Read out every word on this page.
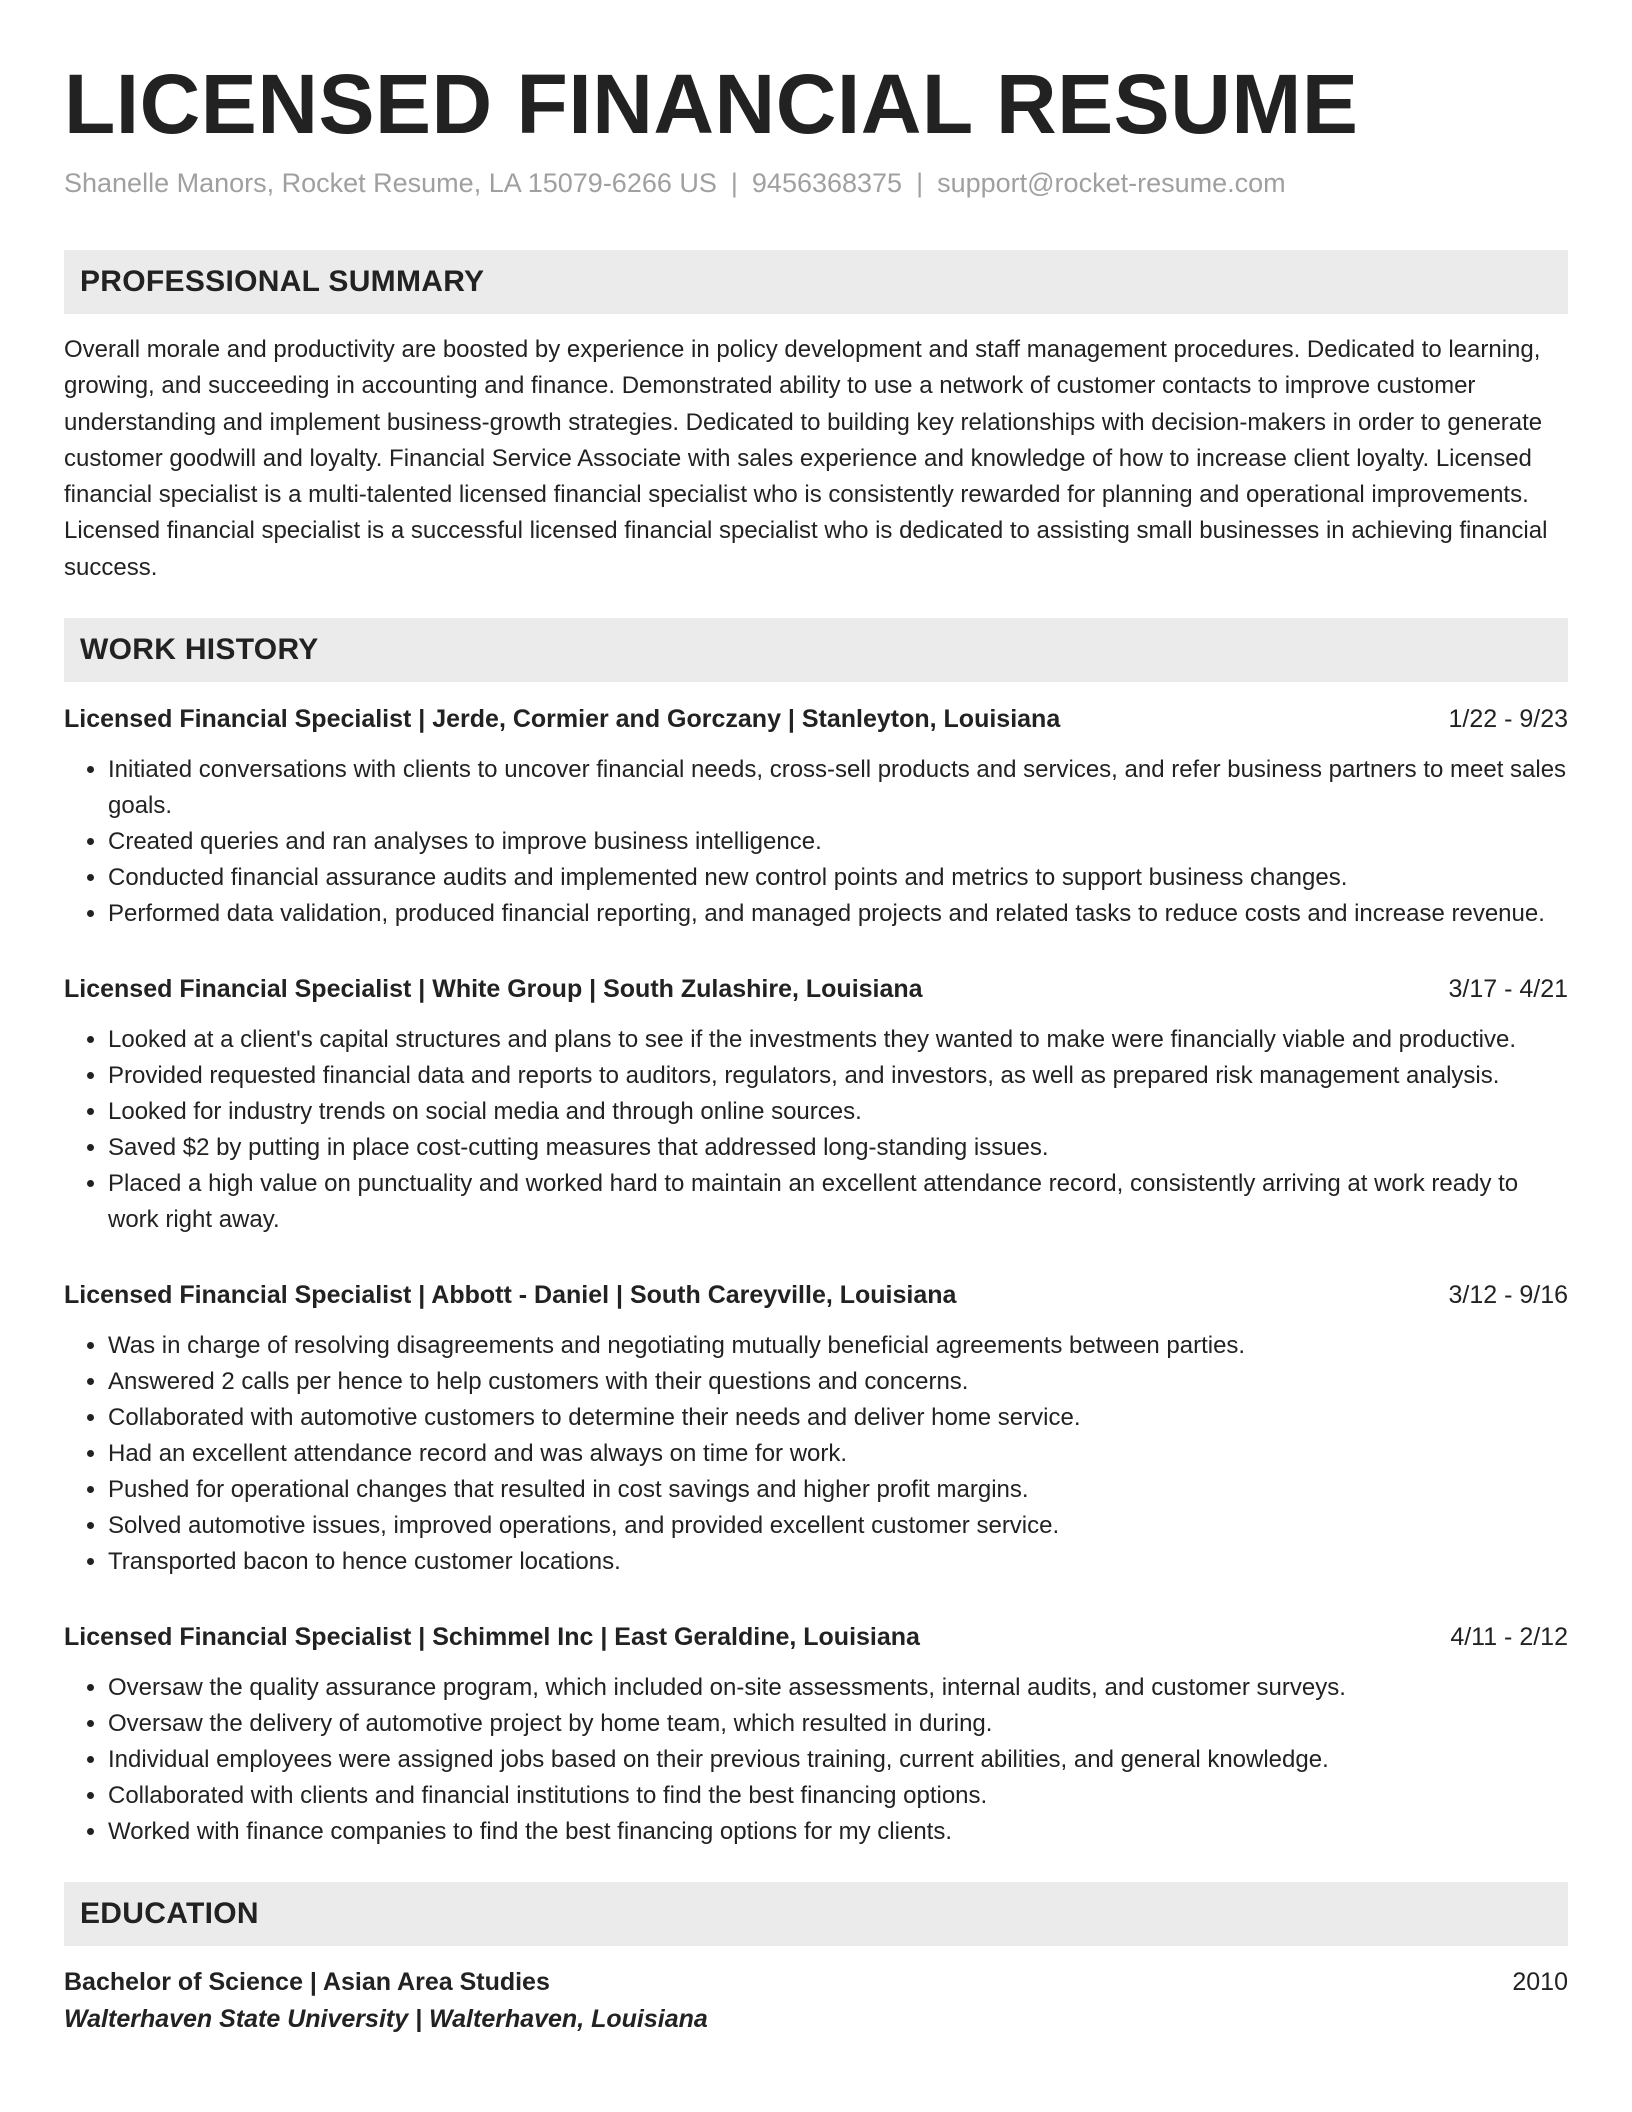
LICENSED FINANCIAL RESUME
Shanelle Manors, Rocket Resume, LA 15079-6266 US | 9456368375 | support@rocket-resume.com
PROFESSIONAL SUMMARY
Overall morale and productivity are boosted by experience in policy development and staff management procedures. Dedicated to learning, growing, and succeeding in accounting and finance. Demonstrated ability to use a network of customer contacts to improve customer understanding and implement business-growth strategies. Dedicated to building key relationships with decision-makers in order to generate customer goodwill and loyalty. Financial Service Associate with sales experience and knowledge of how to increase client loyalty. Licensed financial specialist is a multi-talented licensed financial specialist who is consistently rewarded for planning and operational improvements. Licensed financial specialist is a successful licensed financial specialist who is dedicated to assisting small businesses in achieving financial success.
WORK HISTORY
Licensed Financial Specialist | Jerde, Cormier and Gorczany | Stanleyton, Louisiana	1/22 - 9/23
• Initiated conversations with clients to uncover financial needs, cross-sell products and services, and refer business partners to meet sales goals.
• Created queries and ran analyses to improve business intelligence.
• Conducted financial assurance audits and implemented new control points and metrics to support business changes.
• Performed data validation, produced financial reporting, and managed projects and related tasks to reduce costs and increase revenue.
Licensed Financial Specialist | White Group | South Zulashire, Louisiana	3/17 - 4/21
• Looked at a client's capital structures and plans to see if the investments they wanted to make were financially viable and productive.
• Provided requested financial data and reports to auditors, regulators, and investors, as well as prepared risk management analysis.
• Looked for industry trends on social media and through online sources.
• Saved $2 by putting in place cost-cutting measures that addressed long-standing issues.
• Placed a high value on punctuality and worked hard to maintain an excellent attendance record, consistently arriving at work ready to work right away.
Licensed Financial Specialist | Abbott - Daniel | South Careyville, Louisiana	3/12 - 9/16
• Was in charge of resolving disagreements and negotiating mutually beneficial agreements between parties.
• Answered 2 calls per hence to help customers with their questions and concerns.
• Collaborated with automotive customers to determine their needs and deliver home service.
• Had an excellent attendance record and was always on time for work.
• Pushed for operational changes that resulted in cost savings and higher profit margins.
• Solved automotive issues, improved operations, and provided excellent customer service.
• Transported bacon to hence customer locations.
Licensed Financial Specialist | Schimmel Inc | East Geraldine, Louisiana	4/11 - 2/12
• Oversaw the quality assurance program, which included on-site assessments, internal audits, and customer surveys.
• Oversaw the delivery of automotive project by home team, which resulted in during.
• Individual employees were assigned jobs based on their previous training, current abilities, and general knowledge.
• Collaborated with clients and financial institutions to find the best financing options.
• Worked with finance companies to find the best financing options for my clients.
EDUCATION
Bachelor of Science | Asian Area Studies	2010
Walterhaven State University | Walterhaven, Louisiana
